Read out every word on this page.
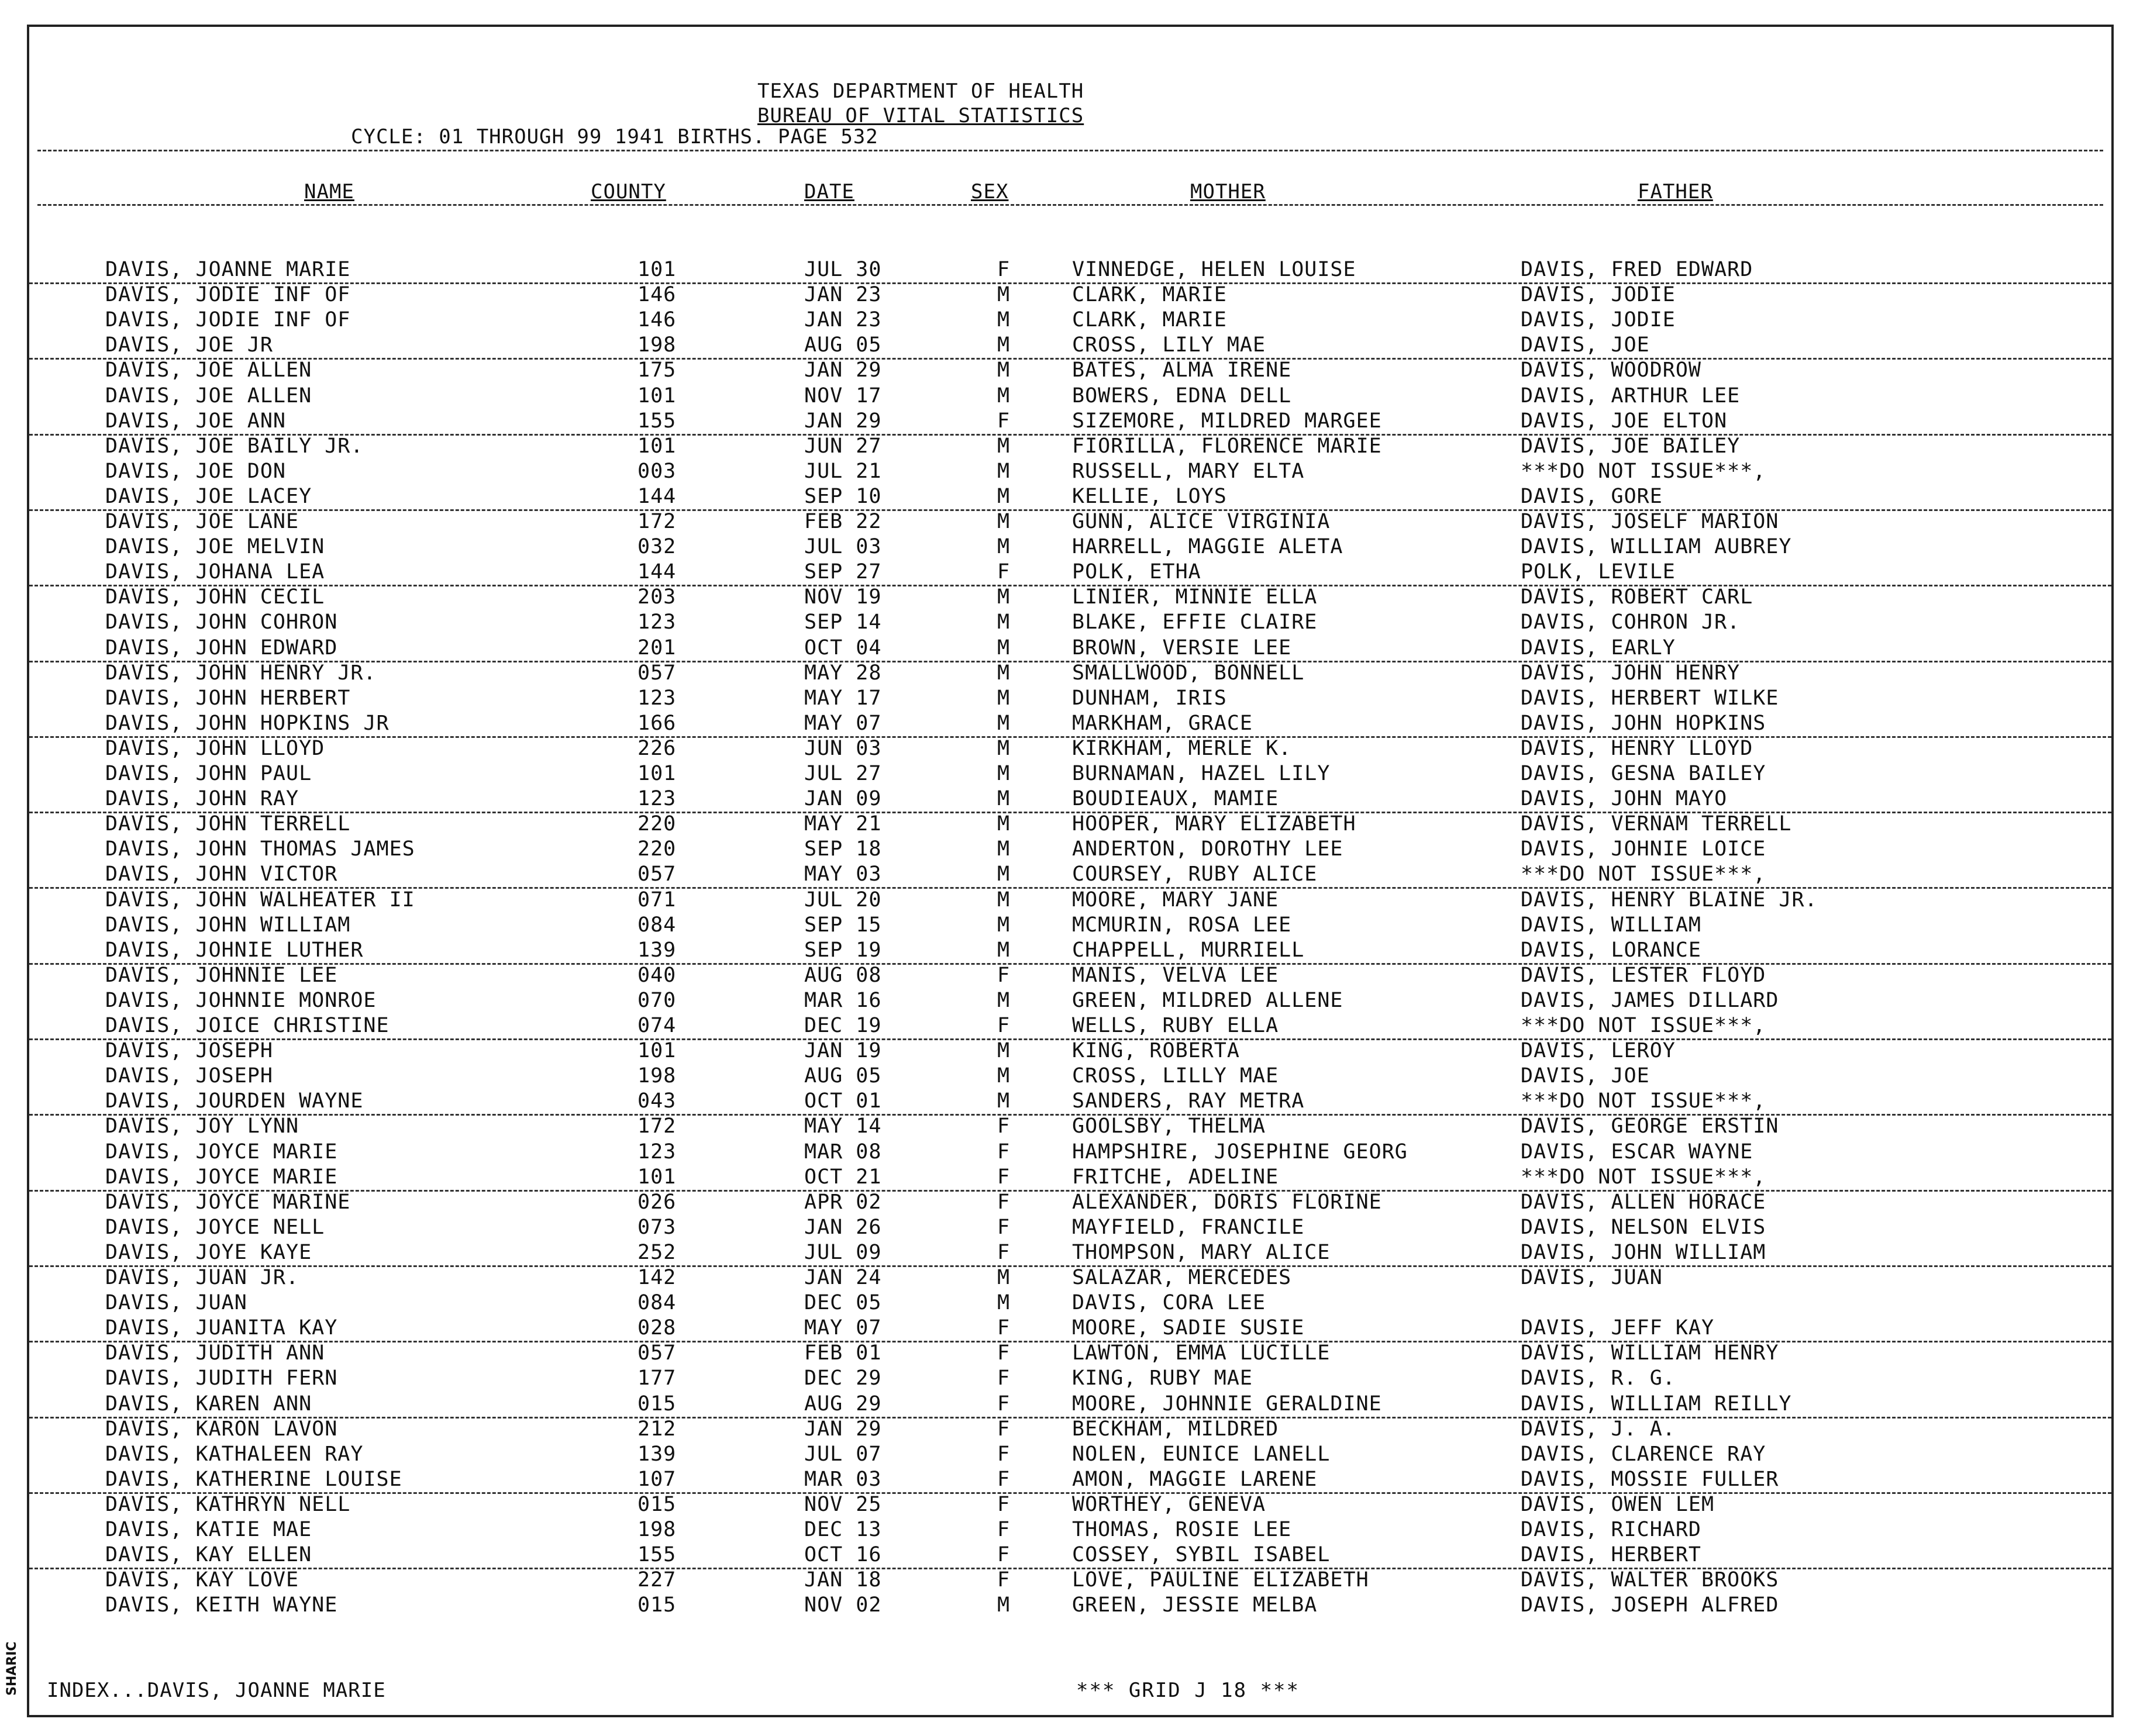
TEXAS DEPARTMENT OF HEALTH
BUREAU OF VITAL STATISTICS
CYCLE: 01 THROUGH 99 1941 BIRTHS. PAGE 532
NAME	COUNTY	DATE	SEX	MOTHER	FATHER
DAVIS, JOANNE MARIE	101	JUL 30	F	VINNEDGE, HELEN LOUISE	DAVIS, FRED EDWARD
DAVIS, JODIE INF OF	146	JAN 23	M	CLARK, MARIE	DAVIS, JODIE
DAVIS, JODIE INF OF	146	JAN 23	M	CLARK, MARIE	DAVIS, JODIE
DAVIS, JOE JR	198	AUG 05	M	CROSS, LILY MAE	DAVIS, JOE
DAVIS, JOE ALLEN	175	JAN 29	M	BATES, ALMA IRENE	DAVIS, WOODROW
DAVIS, JOE ALLEN	101	NOV 17	M	BOWERS, EDNA DELL	DAVIS, ARTHUR LEE
DAVIS, JOE ANN	155	JAN 29	F	SIZEMORE, MILDRED MARGEE	DAVIS, JOE ELTON
DAVIS, JOE BAILY JR.	101	JUN 27	M	FIORILLA, FLORENCE MARIE	DAVIS, JOE BAILEY
DAVIS, JOE DON	003	JUL 21	M	RUSSELL, MARY ELTA	***DO NOT ISSUE***,
DAVIS, JOE LACEY	144	SEP 10	M	KELLIE, LOYS	DAVIS, GORE
DAVIS, JOE LANE	172	FEB 22	M	GUNN, ALICE VIRGINIA	DAVIS, JOSELF MARION
DAVIS, JOE MELVIN	032	JUL 03	M	HARRELL, MAGGIE ALETA	DAVIS, WILLIAM AUBREY
DAVIS, JOHANA LEA	144	SEP 27	F	POLK, ETHA	POLK, LEVILE
DAVIS, JOHN CECIL	203	NOV 19	M	LINIER, MINNIE ELLA	DAVIS, ROBERT CARL
DAVIS, JOHN COHRON	123	SEP 14	M	BLAKE, EFFIE CLAIRE	DAVIS, COHRON JR.
DAVIS, JOHN EDWARD	201	OCT 04	M	BROWN, VERSIE LEE	DAVIS, EARLY
DAVIS, JOHN HENRY JR.	057	MAY 28	M	SMALLWOOD, BONNELL	DAVIS, JOHN HENRY
DAVIS, JOHN HERBERT	123	MAY 17	M	DUNHAM, IRIS	DAVIS, HERBERT WILKE
DAVIS, JOHN HOPKINS JR	166	MAY 07	M	MARKHAM, GRACE	DAVIS, JOHN HOPKINS
DAVIS, JOHN LLOYD	226	JUN 03	M	KIRKHAM, MERLE K.	DAVIS, HENRY LLOYD
DAVIS, JOHN PAUL	101	JUL 27	M	BURNAMAN, HAZEL LILY	DAVIS, GESNA BAILEY
DAVIS, JOHN RAY	123	JAN 09	M	BOUDIEAUX, MAMIE	DAVIS, JOHN MAYO
DAVIS, JOHN TERRELL	220	MAY 21	M	HOOPER, MARY ELIZABETH	DAVIS, VERNAM TERRELL
DAVIS, JOHN THOMAS JAMES	220	SEP 18	M	ANDERTON, DOROTHY LEE	DAVIS, JOHNIE LOICE
DAVIS, JOHN VICTOR	057	MAY 03	M	COURSEY, RUBY ALICE	***DO NOT ISSUE***,
DAVIS, JOHN WALHEATER II	071	JUL 20	M	MOORE, MARY JANE	DAVIS, HENRY BLAINE JR.
DAVIS, JOHN WILLIAM	084	SEP 15	M	MCMURIN, ROSA LEE	DAVIS, WILLIAM
DAVIS, JOHNIE LUTHER	139	SEP 19	M	CHAPPELL, MURRIELL	DAVIS, LORANCE
DAVIS, JOHNNIE LEE	040	AUG 08	F	MANIS, VELVA LEE	DAVIS, LESTER FLOYD
DAVIS, JOHNNIE MONROE	070	MAR 16	M	GREEN, MILDRED ALLENE	DAVIS, JAMES DILLARD
DAVIS, JOICE CHRISTINE	074	DEC 19	F	WELLS, RUBY ELLA	***DO NOT ISSUE***,
DAVIS, JOSEPH	101	JAN 19	M	KING, ROBERTA	DAVIS, LEROY
DAVIS, JOSEPH	198	AUG 05	M	CROSS, LILLY MAE	DAVIS, JOE
DAVIS, JOURDEN WAYNE	043	OCT 01	M	SANDERS, RAY METRA	***DO NOT ISSUE***,
DAVIS, JOY LYNN	172	MAY 14	F	GOOLSBY, THELMA	DAVIS, GEORGE ERSTIN
DAVIS, JOYCE MARIE	123	MAR 08	F	HAMPSHIRE, JOSEPHINE GEORG	DAVIS, ESCAR WAYNE
DAVIS, JOYCE MARIE	101	OCT 21	F	FRITCHE, ADELINE	***DO NOT ISSUE***,
DAVIS, JOYCE MARINE	026	APR 02	F	ALEXANDER, DORIS FLORINE	DAVIS, ALLEN HORACE
DAVIS, JOYCE NELL	073	JAN 26	F	MAYFIELD, FRANCILE	DAVIS, NELSON ELVIS
DAVIS, JOYE KAYE	252	JUL 09	F	THOMPSON, MARY ALICE	DAVIS, JOHN WILLIAM
DAVIS, JUAN JR.	142	JAN 24	M	SALAZAR, MERCEDES	DAVIS, JUAN
DAVIS, JUAN	084	DEC 05	M	DAVIS, CORA LEE
DAVIS, JUANITA KAY	028	MAY 07	F	MOORE, SADIE SUSIE	DAVIS, JEFF KAY
DAVIS, JUDITH ANN	057	FEB 01	F	LAWTON, EMMA LUCILLE	DAVIS, WILLIAM HENRY
DAVIS, JUDITH FERN	177	DEC 29	F	KING, RUBY MAE	DAVIS, R. G.
DAVIS, KAREN ANN	015	AUG 29	F	MOORE, JOHNNIE GERALDINE	DAVIS, WILLIAM REILLY
DAVIS, KARON LAVON	212	JAN 29	F	BECKHAM, MILDRED	DAVIS, J. A.
DAVIS, KATHALEEN RAY	139	JUL 07	F	NOLEN, EUNICE LANELL	DAVIS, CLARENCE RAY
DAVIS, KATHERINE LOUISE	107	MAR 03	F	AMON, MAGGIE LARENE	DAVIS, MOSSIE FULLER
DAVIS, KATHRYN NELL	015	NOV 25	F	WORTHEY, GENEVA	DAVIS, OWEN LEM
DAVIS, KATIE MAE	198	DEC 13	F	THOMAS, ROSIE LEE	DAVIS, RICHARD
DAVIS, KAY ELLEN	155	OCT 16	F	COSSEY, SYBIL ISABEL	DAVIS, HERBERT
DAVIS, KAY LOVE	227	JAN 18	F	LOVE, PAULINE ELIZABETH	DAVIS, WALTER BROOKS
DAVIS, KEITH WAYNE	015	NOV 02	M	GREEN, JESSIE MELBA	DAVIS, JOSEPH ALFRED
INDEX...DAVIS, JOANNE MARIE	*** GRID J 18 ***
SHARIC
